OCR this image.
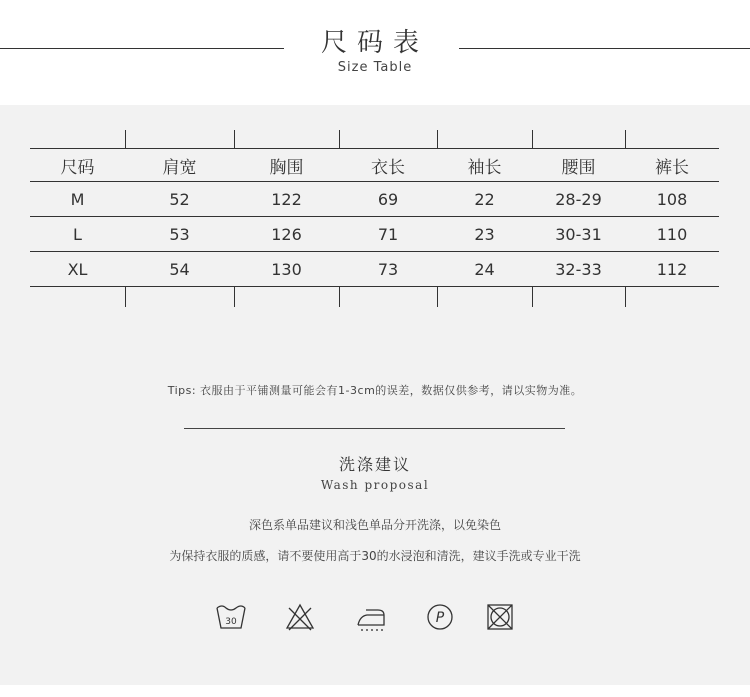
尺码表
Size Table

尺码	肩宽	胸围	衣长	袖长	腰围	裤长
M	52	122	69	22	28-29	108
L	53	126	71	23	30-31	110
XL	54	130	73	24	32-33	112

Tips: 衣服由于平铺测量可能会有1-3cm的误差，数据仅供参考，请以实物为准。
洗涤建议
Wash proposal
深色系单品建议和浅色单品分开洗涤，以免染色
为保持衣服的质感，请不要使用高于30的水浸泡和清洗，建议手洗或专业干洗
30	P
